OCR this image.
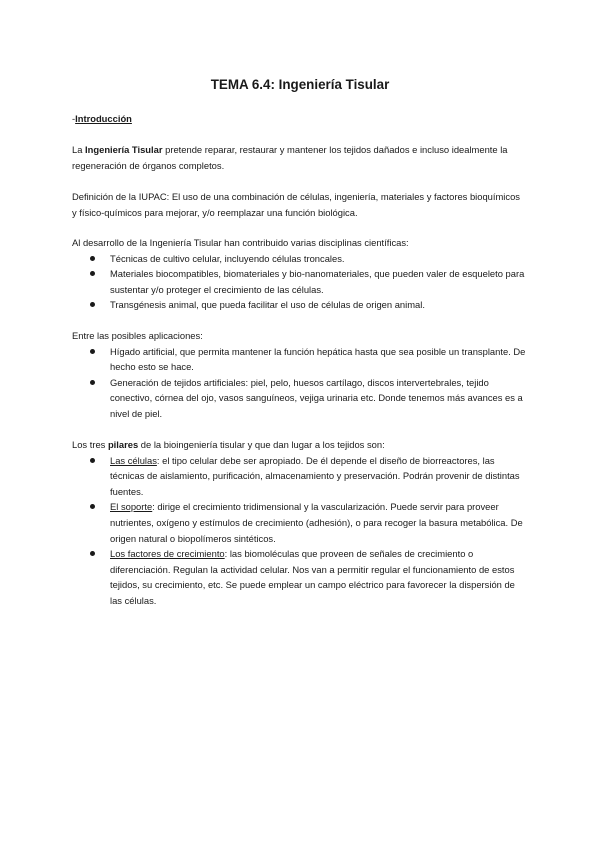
TEMA 6.4: Ingeniería Tisular

-Introducción

La Ingeniería Tisular pretende reparar, restaurar y mantener los tejidos dañados e incluso idealmente la regeneración de órganos completos.

Definición de la IUPAC: El uso de una combinación de células, ingeniería, materiales y factores bioquímicos y físico-químicos para mejorar, y/o reemplazar una función biológica.

Al desarrollo de la Ingeniería Tisular han contribuido varias disciplinas científicas:

Técnicas de cultivo celular, incluyendo células troncales.
Materiales biocompatibles, biomateriales y bio-nanomateriales, que pueden valer de esqueleto para sustentar y/o proteger el crecimiento de las células.
Transgénesis animal, que pueda facilitar el uso de células de origen animal.

Entre las posibles aplicaciones:

Hígado artificial, que permita mantener la función hepática hasta que sea posible un transplante. De hecho esto se hace.
Generación de tejidos artificiales: piel, pelo, huesos cartílago, discos intervertebrales, tejido conectivo, córnea del ojo, vasos sanguíneos, vejiga urinaria etc. Donde tenemos más avances es a nivel de piel.

Los tres pilares de la bioingeniería tisular y que dan lugar a los tejidos son:

Las células: el tipo celular debe ser apropiado. De él depende el diseño de biorreactores, las técnicas de aislamiento, purificación, almacenamiento y preservación. Podrán provenir de distintas fuentes.
El soporte: dirige el crecimiento tridimensional y la vascularización. Puede servir para proveer nutrientes, oxígeno y estímulos de crecimiento (adhesión), o para recoger la basura metabólica. De origen natural o biopolímeros sintéticos.
Los factores de crecimiento: las biomoléculas que proveen de señales de crecimiento o diferenciación. Regulan la actividad celular. Nos van a permitir regular el funcionamiento de estos tejidos, su crecimiento, etc. Se puede emplear un campo eléctrico para favorecer la dispersión de las células.
